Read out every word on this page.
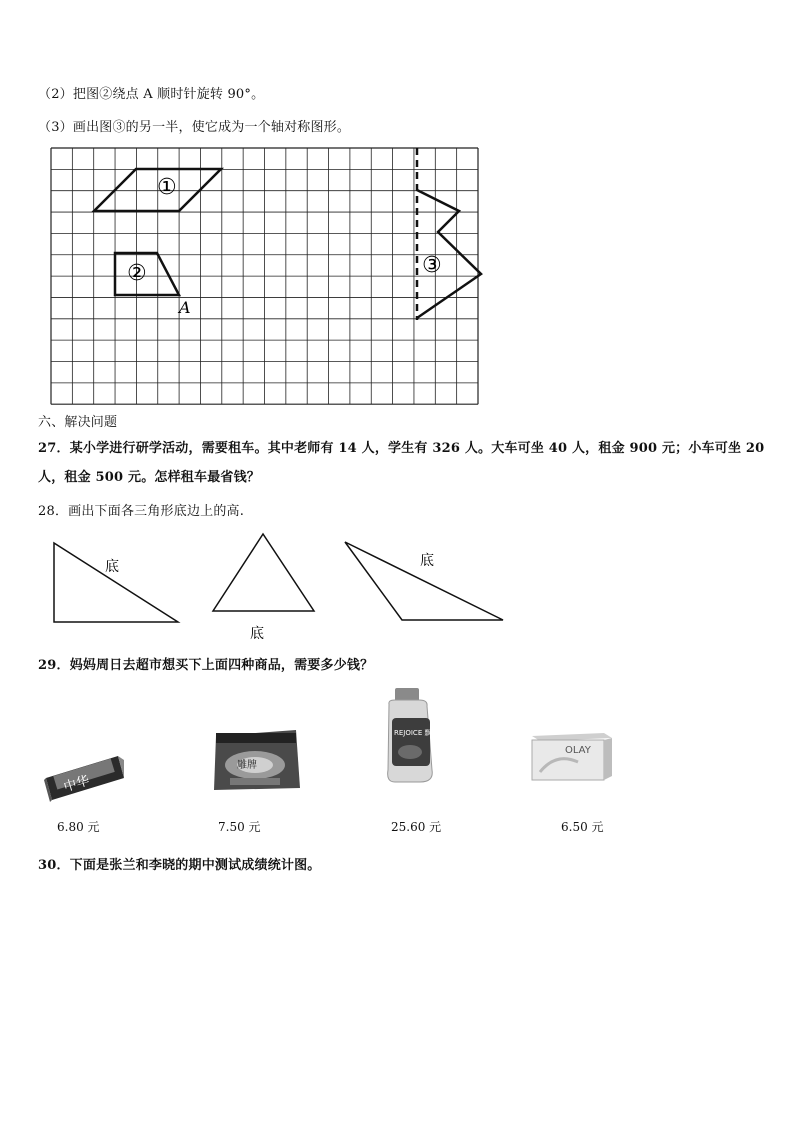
（2）把图②绕点 A 顺时针旋转 90°。
（3）画出图③的另一半，使它成为一个轴对称图形。
①
②
A
③
六、解决问题
27．某小学进行研学活动，需要租车。其中老师有 14 人，学生有 326 人。大车可坐 40 人，租金 900 元；小车可坐 20
人，租金 500 元。怎样租车最省钱？
28．画出下面各三角形底边上的高.
底
底
底
29．妈妈周日去超市想买下上面四种商品，需要多少钱？
中华
雕牌
REJOICE 飘柔
OLAY
6.80 元	7.50 元	25.60 元	6.50 元
30．下面是张兰和李晓的期中测试成绩统计图。
